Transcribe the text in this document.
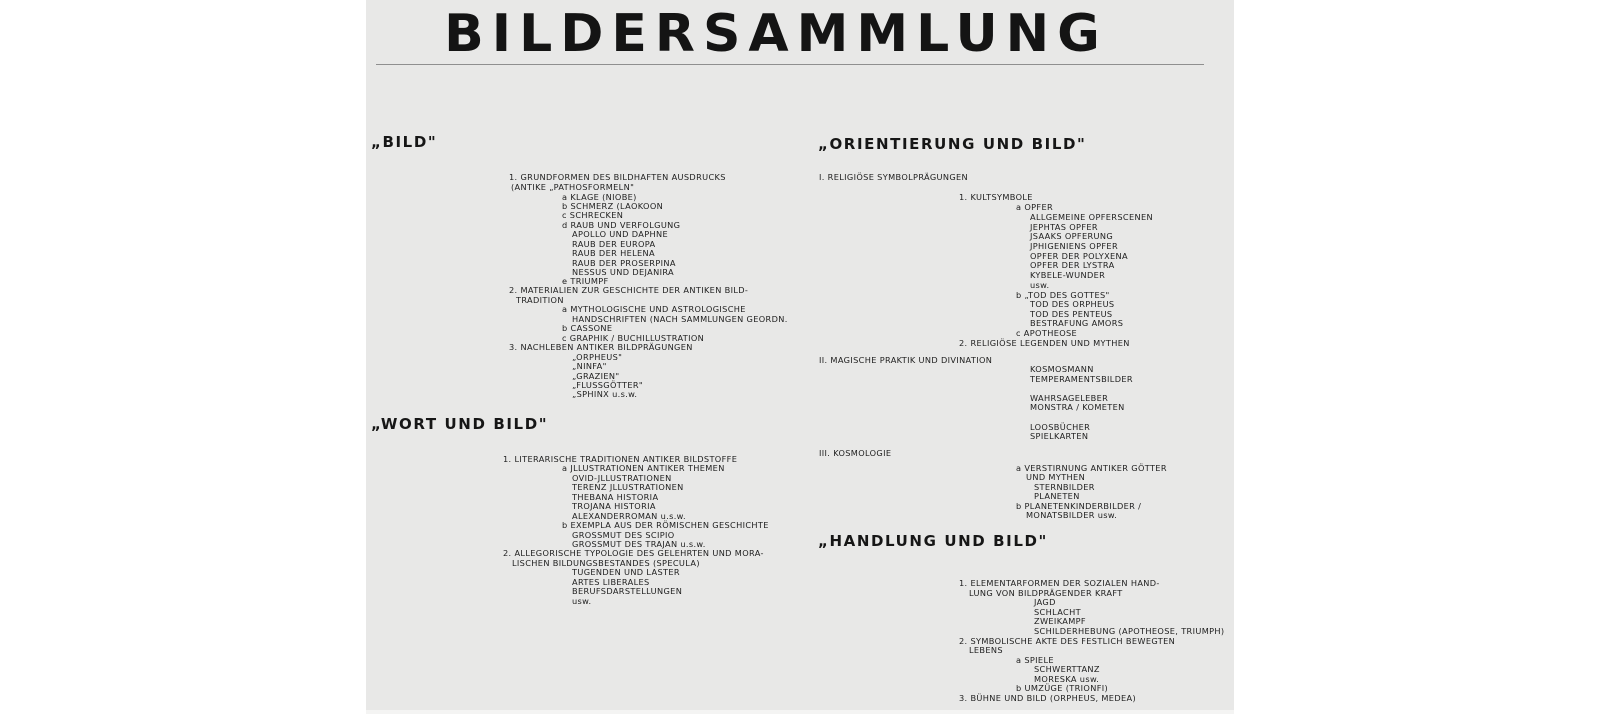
BILDERSAMMLUNG
„BILD"
1. GRUNDFORMEN DES BILDHAFTEN AUSDRUCKS
(ANTIKE „PATHOSFORMELN"
a KLAGE (NIOBE)
b SCHMERZ (LAOKOON
c SCHRECKEN
d RAUB UND VERFOLGUNG
APOLLO UND DAPHNE
RAUB DER EUROPA
RAUB DER HELENA
RAUB DER PROSERPINA
NESSUS UND DEJANIRA
e TRIUMPF
2. MATERIALIEN ZUR GESCHICHTE DER ANTIKEN BILD-
TRADITION
a MYTHOLOGISCHE UND ASTROLOGISCHE
HANDSCHRIFTEN (NACH SAMMLUNGEN GEORDN.
b CASSONE
c GRAPHIK / BUCHILLUSTRATION
3. NACHLEBEN ANTIKER BILDPRÄGUNGEN
„ORPHEUS"
„NINFA"
„GRAZIEN"
„FLUSSGÖTTER"
„SPHINX u.s.w.
„WORT UND BILD"
1. LITERARISCHE TRADITIONEN ANTIKER BILDSTOFFE
a JLLUSTRATIONEN ANTIKER THEMEN
OVID-JLLUSTRATIONEN
TERENZ JLLUSTRATIONEN
THEBANA HISTORIA
TROJANA HISTORIA
ALEXANDERROMAN u.s.w.
b EXEMPLA AUS DER RÖMISCHEN GESCHICHTE
GROSSMUT DES SCIPIO
GROSSMUT DES TRAJAN u.s.w.
2. ALLEGORISCHE TYPOLOGIE DES GELEHRTEN UND MORA-
LISCHEN BILDUNGSBESTANDES (SPECULA)
TUGENDEN UND LASTER
ARTES LIBERALES
BERUFSDARSTELLUNGEN
usw.
„ORIENTIERUNG UND BILD"
I. RELIGIÖSE SYMBOLPRÄGUNGEN
1. KULTSYMBOLE
a OPFER
ALLGEMEINE OPFERSCENEN
JEPHTAS OPFER
JSAAKS OPFERUNG
JPHIGENIENS OPFER
OPFER DER POLYXENA
OPFER DER LYSTRA
KYBELE-WUNDER
usw.
b „TOD DES GOTTES"
TOD DES ORPHEUS
TOD DES PENTEUS
BESTRAFUNG AMORS
c APOTHEOSE
2. RELIGIÖSE LEGENDEN UND MYTHEN
II. MAGISCHE PRAKTIK UND DIVINATION
KOSMOSMANN
TEMPERAMENTSBILDER
WAHRSAGELEBER
MONSTRA / KOMETEN
LOOSBÜCHER
SPIELKARTEN
III. KOSMOLOGIE
a VERSTIRNUNG ANTIKER GÖTTER
UND MYTHEN
STERNBILDER
PLANETEN
b PLANETENKINDERBILDER /
MONATSBILDER usw.
„HANDLUNG UND BILD"
1. ELEMENTARFORMEN DER SOZIALEN HAND-
LUNG VON BILDPRÄGENDER KRAFT
JAGD
SCHLACHT
ZWEIKAMPF
SCHILDERHEBUNG (APOTHEOSE, TRIUMPH)
2. SYMBOLISCHE AKTE DES FESTLICH BEWEGTEN
LEBENS
a SPIELE
SCHWERTTANZ
MORESKA usw.
b UMZÜGE (TRIONFI)
3. BÜHNE UND BILD (ORPHEUS, MEDEA)
